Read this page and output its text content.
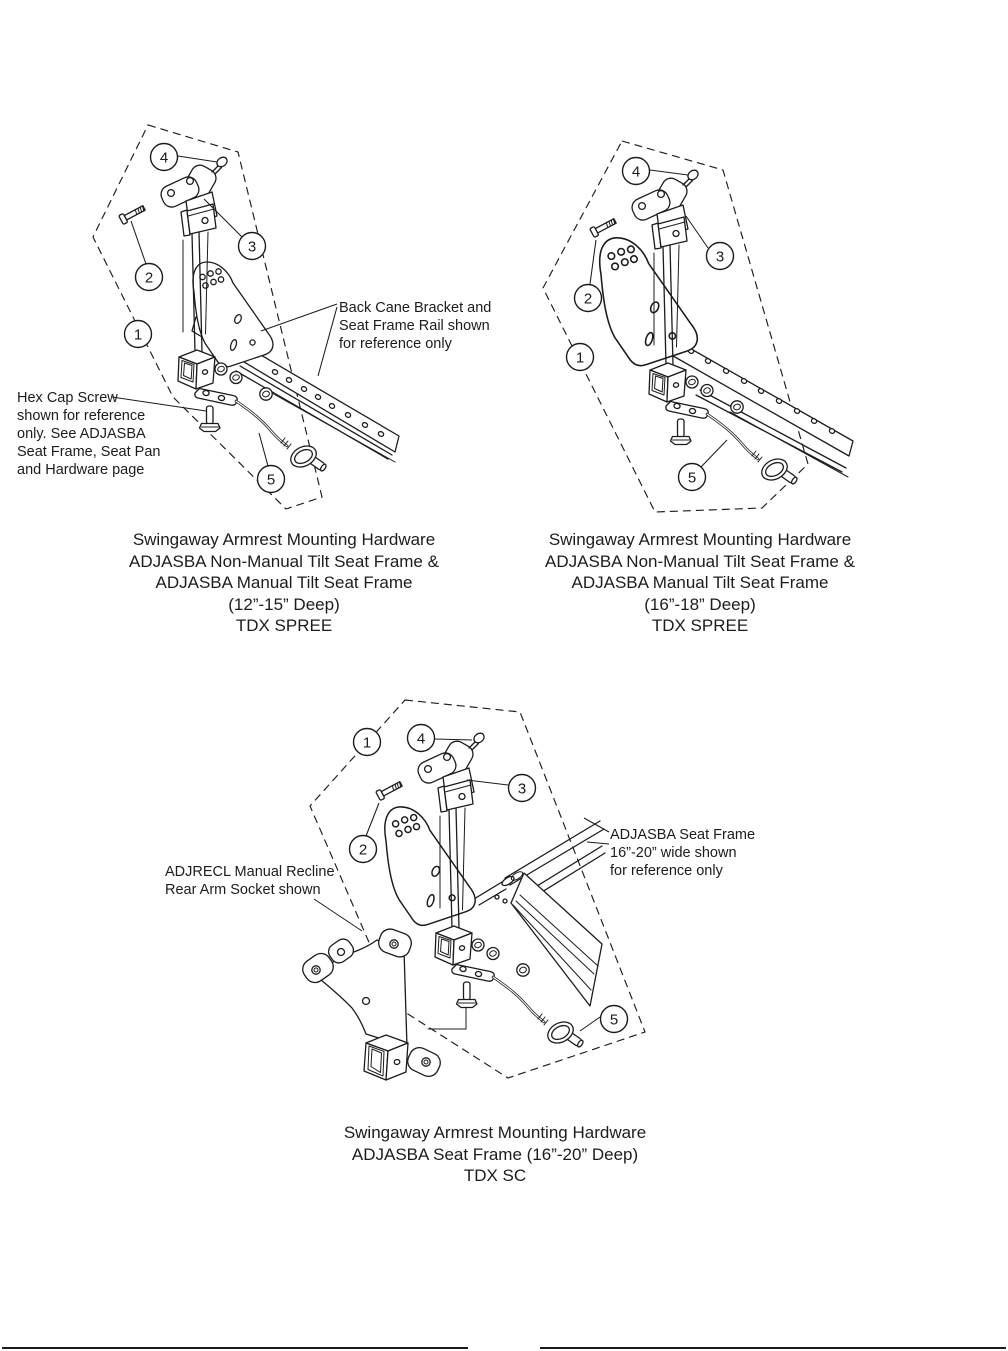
4
3
2
1
5
4
3
2
1
5
1	4
3
2
5
Back Cane Bracket and
Seat Frame Rail shown
for reference only
Hex Cap Screw
shown for reference
only. See ADJASBA
Seat Frame, Seat Pan
and Hardware page
ADJRECL Manual Recline
Rear Arm Socket shown
ADJASBA Seat Frame
16”-20” wide shown
for reference only
Swingaway Armrest Mounting Hardware
ADJASBA Non-Manual Tilt Seat Frame &
ADJASBA Manual Tilt Seat Frame
(12”-15” Deep)
TDX SPREE
Swingaway Armrest Mounting Hardware
ADJASBA Non-Manual Tilt Seat Frame &
ADJASBA Manual Tilt Seat Frame
(16”-18” Deep)
TDX SPREE
Swingaway Armrest Mounting Hardware
ADJASBA Seat Frame (16”-20” Deep)
TDX SC
